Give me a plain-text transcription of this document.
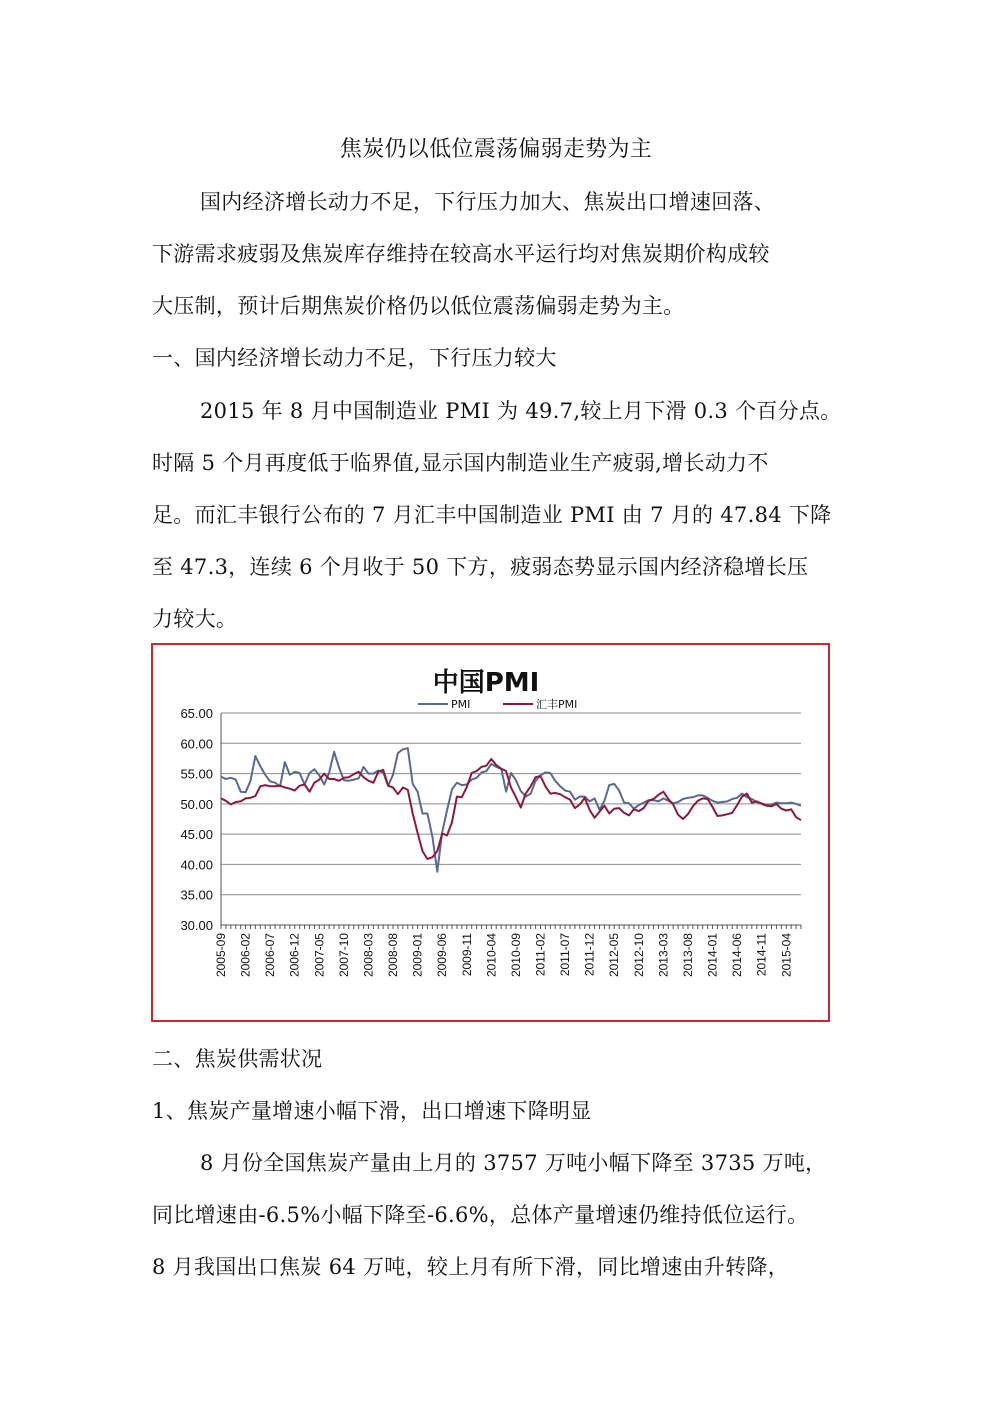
焦炭仍以低位震荡偏弱走势为主
国内经济增长动力不足，下行压力加大、焦炭出口增速回落、
下游需求疲弱及焦炭库存维持在较高水平运行均对焦炭期价构成较
大压制，预计后期焦炭价格仍以低位震荡偏弱走势为主。
一、国内经济增长动力不足，下行压力较大
2015 年 8 月中国制造业 PMI 为 49.7,较上月下滑 0.3 个百分点。
时隔 5 个月再度低于临界值,显示国内制造业生产疲弱,增长动力不
足。而汇丰银行公布的 7 月汇丰中国制造业 PMI 由 7 月的 47.84 下降
至 47.3，连续 6 个月收于 50 下方，疲弱态势显示国内经济稳增长压
力较大。
中国PMI
PMI	汇丰PMI
65.00
60.00
55.00
50.00
45.00
40.00
35.00
30.00
2005-09 2006-02 2006-07 2006-12 2007-05 2007-10 2008-03 2008-08 2009-01 2009-06 2009-11 2010-04 2010-09 2011-02 2011-07 2011-12 2012-05 2012-10 2013-03 2013-08 2014-01 2014-06 2014-11 2015-04
二、焦炭供需状况
1、焦炭产量增速小幅下滑，出口增速下降明显
8 月份全国焦炭产量由上月的 3757 万吨小幅下降至 3735 万吨，
同比增速由-6.5%小幅下降至-6.6%，总体产量增速仍维持低位运行。
8 月我国出口焦炭 64 万吨，较上月有所下滑，同比增速由升转降，
